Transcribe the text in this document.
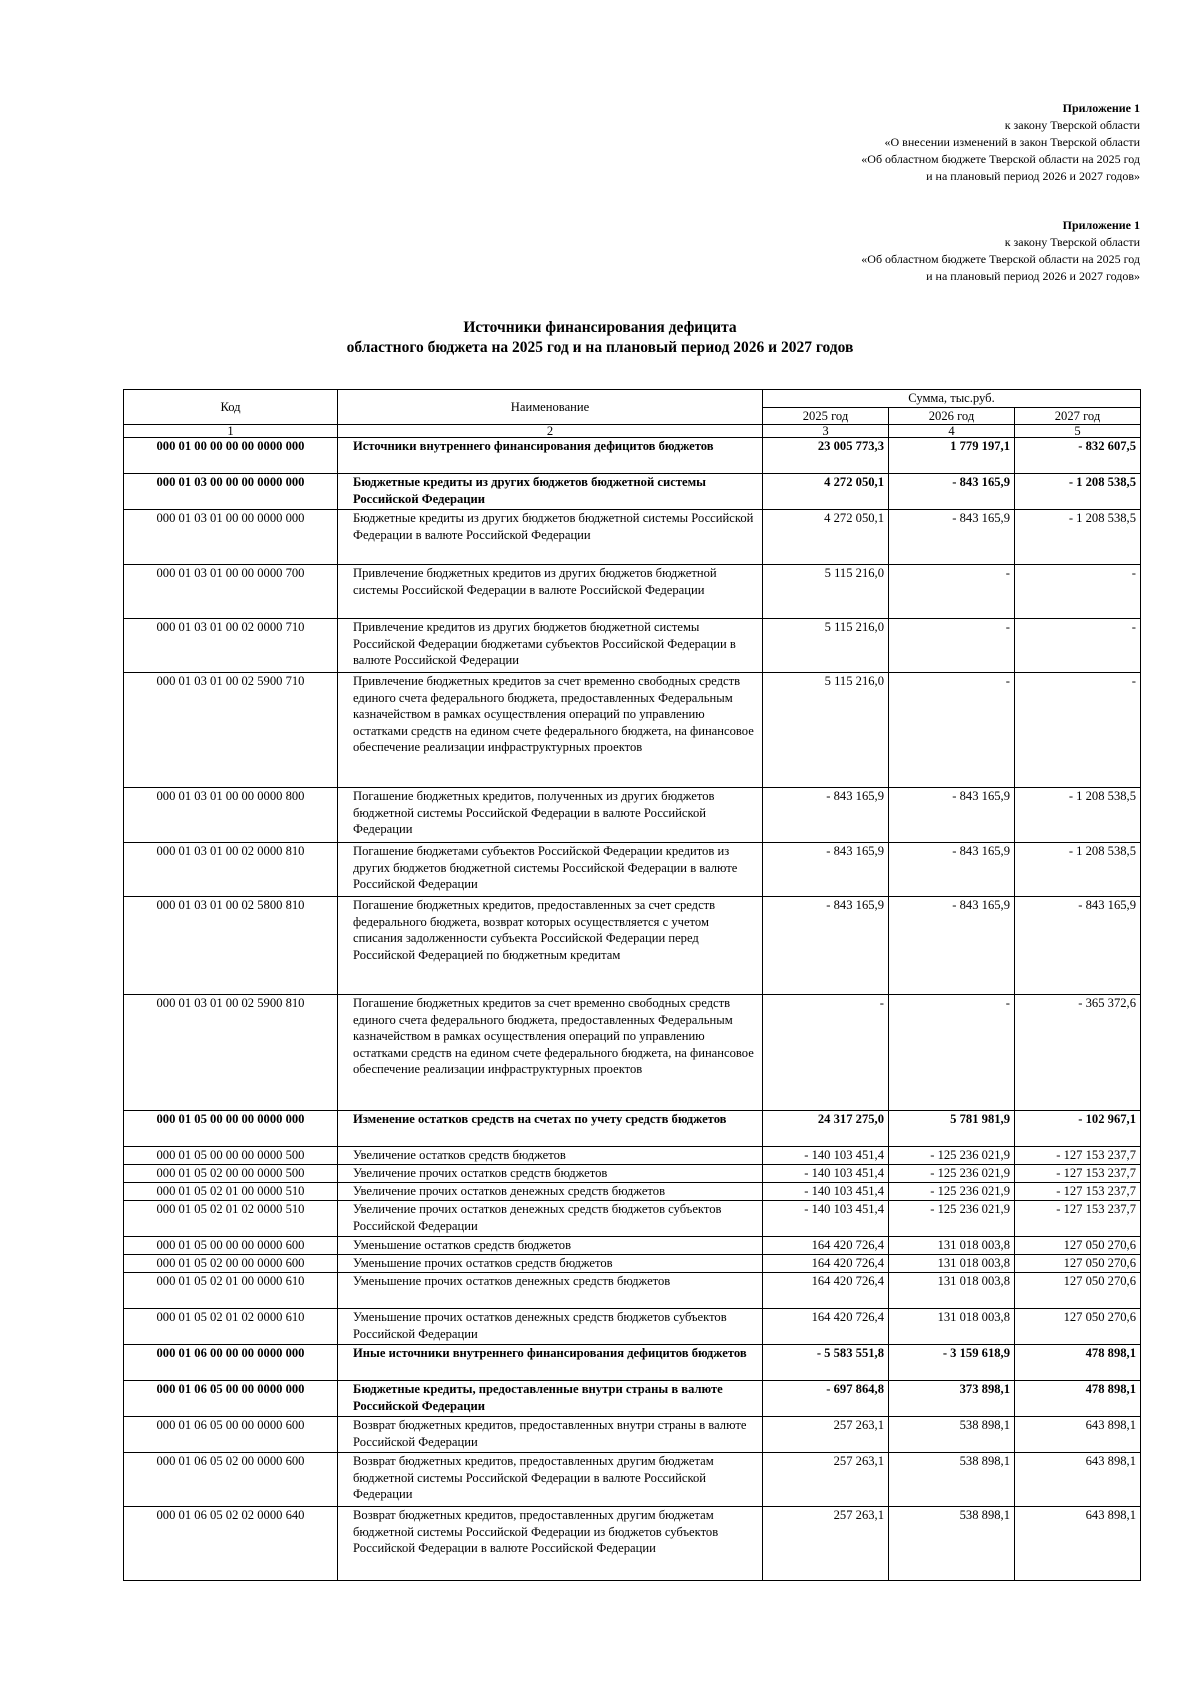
Приложение 1
к закону Тверской области
«О внесении изменений в закон Тверской области
«Об областном бюджете Тверской области на 2025 год
и на плановый период 2026 и 2027 годов»
Приложение 1
к закону Тверской области
«Об областном бюджете Тверской области на 2025 год
и на плановый период 2026 и 2027 годов»
Источники финансирования дефицита
областного бюджета на 2025 год и на плановый период 2026 и 2027 годов
Код	Наименование	Сумма, тыс.руб.		
		2025 год	2026 год	2027 год
1	2	3	4	5
000 01 00 00 00 00 0000 000	Источники внутреннего финансирования дефицитов бюджетов	23 005 773,3	1 779 197,1	- 832 607,5
000 01 03 00 00 00 0000 000	Бюджетные кредиты из других бюджетов бюджетной системы Российской Федерации	4 272 050,1	- 843 165,9	- 1 208 538,5
000 01 03 01 00 00 0000 000	Бюджетные кредиты из других бюджетов бюджетной системы Российской Федерации в валюте Российской Федерации	4 272 050,1	- 843 165,9	- 1 208 538,5
000 01 03 01 00 00 0000 700	Привлечение бюджетных кредитов из других бюджетов бюджетной системы Российской Федерации в валюте Российской Федерации	5 115 216,0	-	-
000 01 03 01 00 02 0000 710	Привлечение кредитов из других бюджетов бюджетной системы Российской Федерации бюджетами субъектов Российской Федерации в валюте Российской Федерации	5 115 216,0	-	-
000 01 03 01 00 02 5900 710	Привлечение бюджетных кредитов за счет временно свободных средств единого счета федерального бюджета, предоставленных Федеральным казначейством в рамках осуществления операций по управлению остатками средств на едином счете федерального бюджета, на финансовое обеспечение реализации инфраструктурных проектов	5 115 216,0	-	-
000 01 03 01 00 00 0000 800	Погашение бюджетных кредитов, полученных из других бюджетов бюджетной системы Российской Федерации в валюте Российской Федерации	- 843 165,9	- 843 165,9	- 1 208 538,5
000 01 03 01 00 02 0000 810	Погашение бюджетами субъектов Российской Федерации кредитов из других бюджетов бюджетной системы Российской Федерации в валюте Российской Федерации	- 843 165,9	- 843 165,9	- 1 208 538,5
000 01 03 01 00 02 5800 810	Погашение бюджетных кредитов, предоставленных за счет средств федерального бюджета, возврат которых осуществляется с учетом списания задолженности субъекта Российской Федерации перед Российской Федерацией по бюджетным кредитам	- 843 165,9	- 843 165,9	- 843 165,9
000 01 03 01 00 02 5900 810	Погашение бюджетных кредитов за счет временно свободных средств единого счета федерального бюджета, предоставленных Федеральным казначейством в рамках осуществления операций по управлению остатками средств на едином счете федерального бюджета, на финансовое обеспечение реализации инфраструктурных проектов	-	-	- 365 372,6
000 01 05 00 00 00 0000 000	Изменение остатков средств на счетах по учету средств бюджетов	24 317 275,0	5 781 981,9	- 102 967,1
000 01 05 00 00 00 0000 500	Увеличение остатков средств бюджетов	- 140 103 451,4	- 125 236 021,9	- 127 153 237,7
000 01 05 02 00 00 0000 500	Увеличение прочих остатков средств бюджетов	- 140 103 451,4	- 125 236 021,9	- 127 153 237,7
000 01 05 02 01 00 0000 510	Увеличение прочих остатков денежных средств бюджетов	- 140 103 451,4	- 125 236 021,9	- 127 153 237,7
000 01 05 02 01 02 0000 510	Увеличение прочих остатков денежных средств бюджетов субъектов Российской Федерации	- 140 103 451,4	- 125 236 021,9	- 127 153 237,7
000 01 05 00 00 00 0000 600	Уменьшение остатков средств бюджетов	164 420 726,4	131 018 003,8	127 050 270,6
000 01 05 02 00 00 0000 600	Уменьшение прочих остатков средств бюджетов	164 420 726,4	131 018 003,8	127 050 270,6
000 01 05 02 01 00 0000 610	Уменьшение прочих остатков денежных средств бюджетов	164 420 726,4	131 018 003,8	127 050 270,6
000 01 05 02 01 02 0000 610	Уменьшение прочих остатков денежных средств бюджетов субъектов Российской Федерации	164 420 726,4	131 018 003,8	127 050 270,6
000 01 06 00 00 00 0000 000	Иные источники внутреннего финансирования дефицитов бюджетов	- 5 583 551,8	- 3 159 618,9	478 898,1
000 01 06 05 00 00 0000 000	Бюджетные кредиты, предоставленные внутри страны в валюте Российской Федерации	- 697 864,8	373 898,1	478 898,1
000 01 06 05 00 00 0000 600	Возврат бюджетных кредитов, предоставленных внутри страны в валюте Российской Федерации	257 263,1	538 898,1	643 898,1
000 01 06 05 02 00 0000 600	Возврат бюджетных кредитов, предоставленных другим бюджетам бюджетной системы Российской Федерации в валюте Российской Федерации	257 263,1	538 898,1	643 898,1
000 01 06 05 02 02 0000 640	Возврат бюджетных кредитов, предоставленных другим бюджетам бюджетной системы Российской Федерации из бюджетов субъектов Российской Федерации в валюте Российской Федерации	257 263,1	538 898,1	643 898,1
